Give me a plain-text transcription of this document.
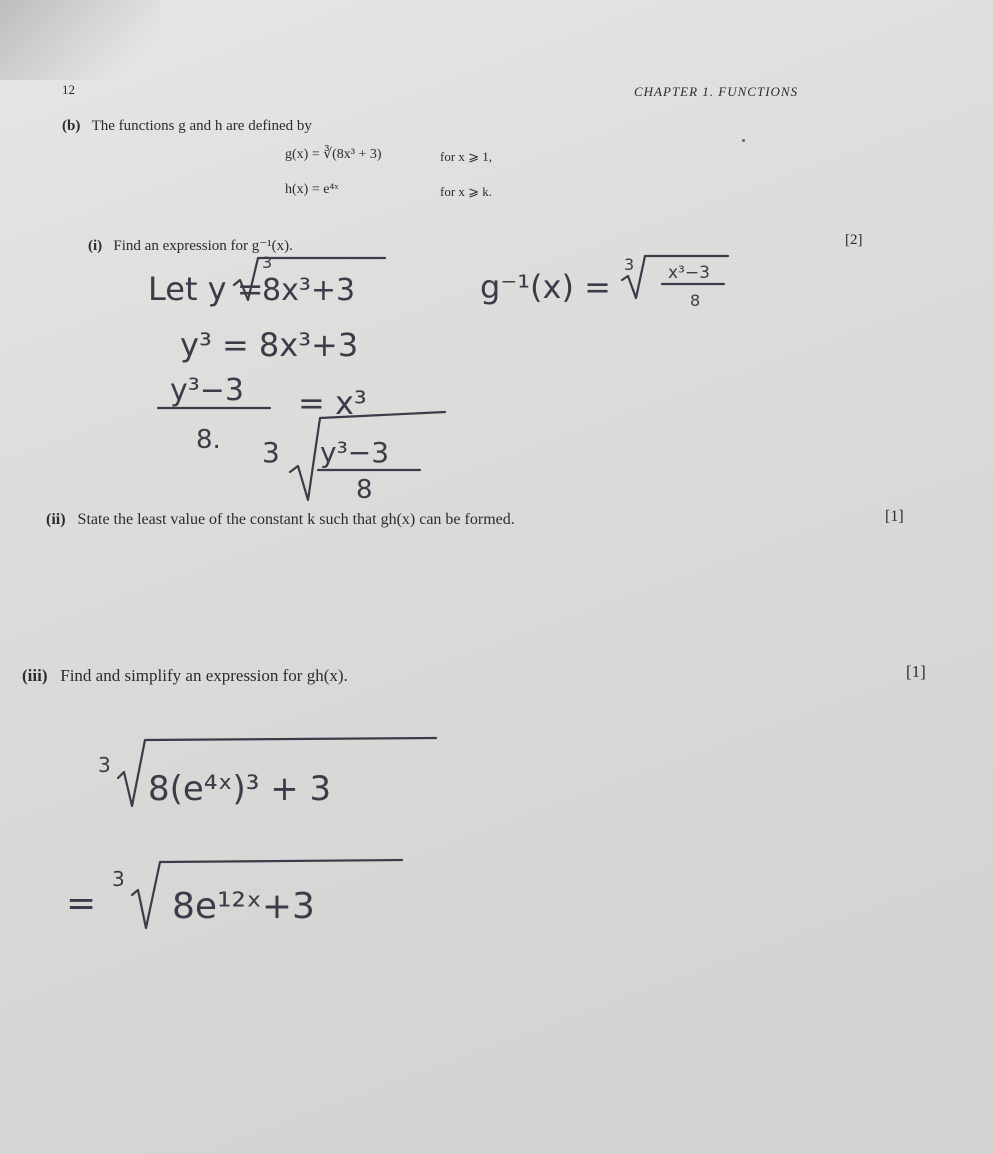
12	CHAPTER 1. FUNCTIONS
(b) The functions g and h are defined by
g(x) = ∛(8x³ + 3)	for x ⩾ 1,
h(x) = e⁴ˣ	for x ⩾ k.
(i) Find an expression for g⁻¹(x).	[2]
(ii) State the least value of the constant k such that gh(x) can be formed.	[1]
(iii) Find and simplify an expression for gh(x).	[1]
Let y =
3
8x³+3	g⁻¹(x) =
3 x³−3
8
y³ = 8x³+3
y³−3 = x³
8. 3 y³−3
8
3
8(e⁴ˣ)³ + 3
=
3
8e¹²ˣ+3
